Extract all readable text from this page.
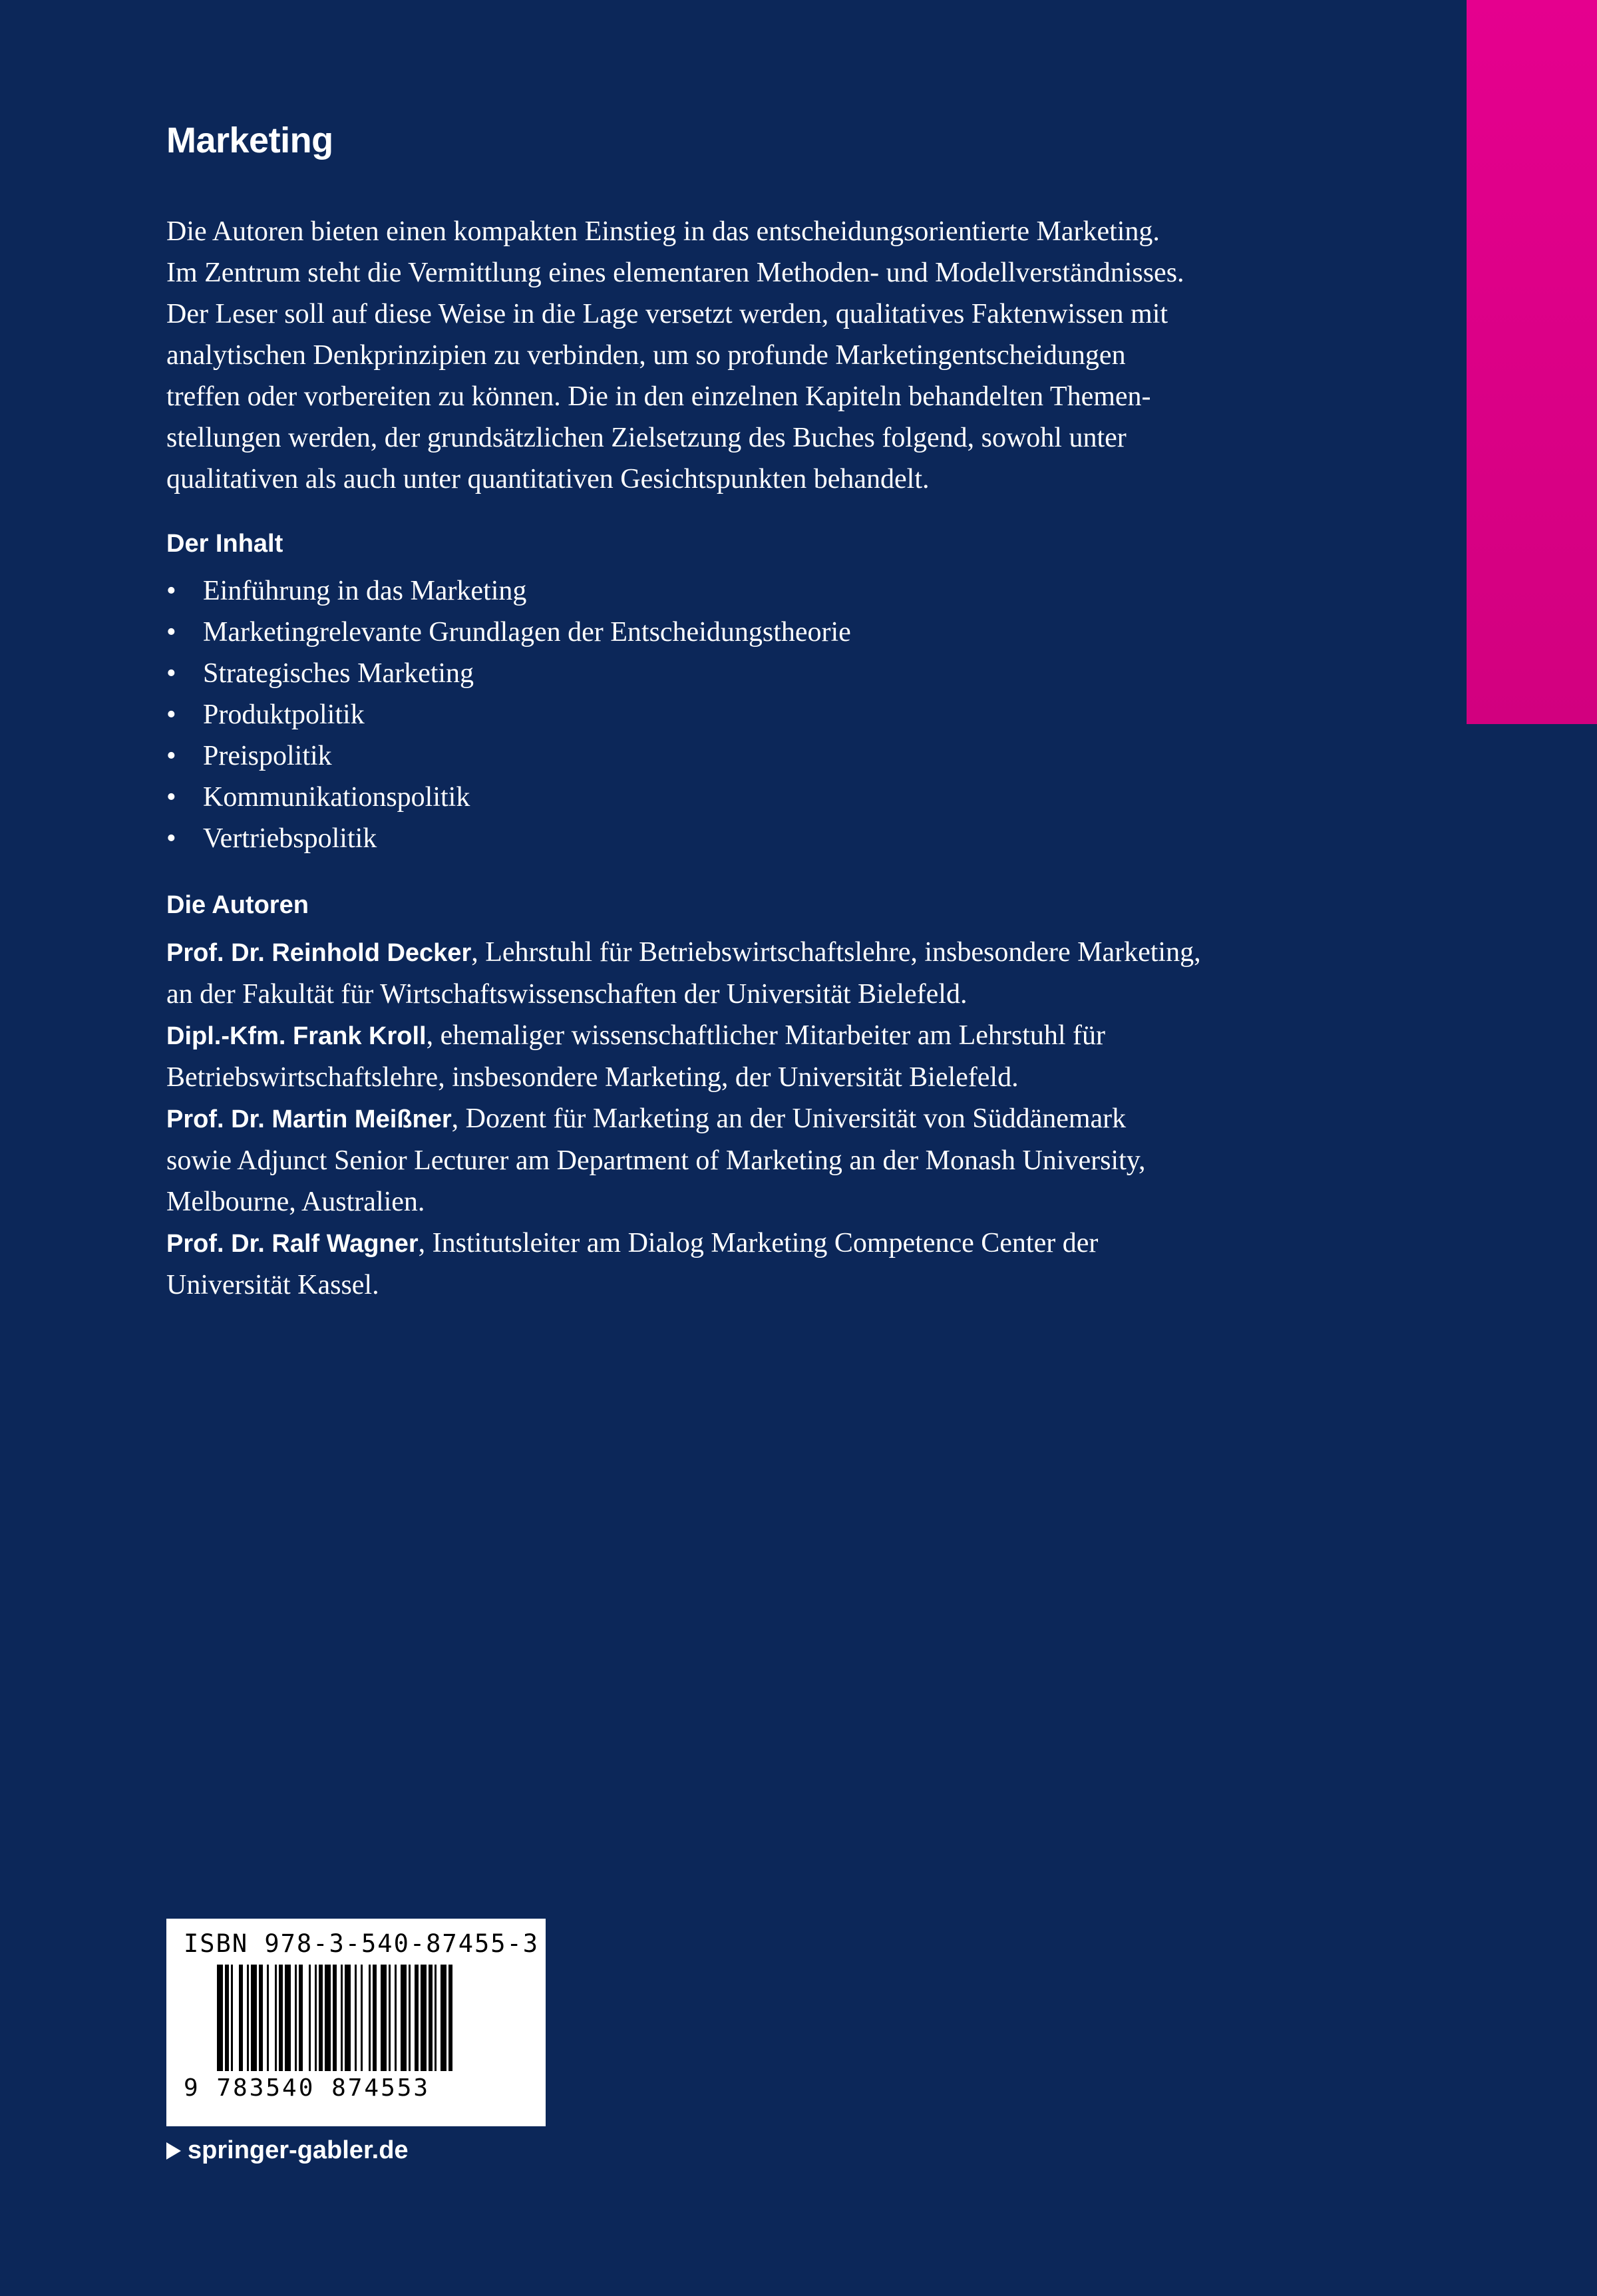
Marketing

Die Autoren bieten einen kompakten Einstieg in das entscheidungsorientierte Marketing.
Im Zentrum steht die Vermittlung eines elementaren Methoden- und Modellverständnisses.
Der Leser soll auf diese Weise in die Lage versetzt werden, qualitatives Faktenwissen mit
analytischen Denkprinzipien zu verbinden, um so profunde Marketingentscheidungen
treffen oder vorbereiten zu können. Die in den einzelnen Kapiteln behandelten Themen-
stellungen werden, der grundsätzlichen Zielsetzung des Buches folgend, sowohl unter
qualitativen als auch unter quantitativen Gesichtspunkten behandelt.

Der Inhalt
• Einführung in das Marketing
• Marketingrelevante Grundlagen der Entscheidungstheorie
• Strategisches Marketing
• Produktpolitik
• Preispolitik
• Kommunikationspolitik
• Vertriebspolitik
Die Autoren

Prof. Dr. Reinhold Decker, Lehrstuhl für Betriebswirtschaftslehre, insbesondere Marketing,
an der Fakultät für Wirtschaftswissenschaften der Universität Bielefeld.

Dipl.-Kfm. Frank Kroll, ehemaliger wissenschaftlicher Mitarbeiter am Lehrstuhl für
Betriebswirtschaftslehre, insbesondere Marketing, der Universität Bielefeld.

Prof. Dr. Martin Meißner, Dozent für Marketing an der Universität von Süddänemark
sowie Adjunct Senior Lecturer am Department of Marketing an der Monash University,
Melbourne, Australien.

Prof. Dr. Ralf Wagner, Institutsleiter am Dialog Marketing Competence Center der
Universität Kassel.

ISBN 978-3-540-87455-3
9 783540 874553
springer-gabler.de
